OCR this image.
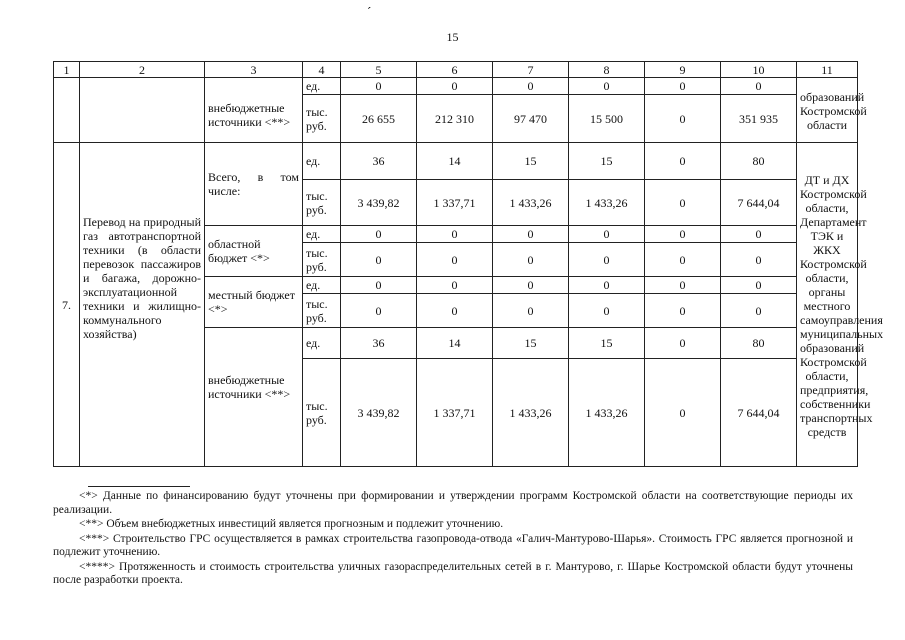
ˊ
15
1	2	3	4	5	6	7	8	9	10	11
		внебюджетные источники <**>	ед.	0	0	0	0	0	0	образований Костромской области
			тыс. руб.	26 655	212 310	97 470	15 500	0	351 935	
7.	Перевод на природный газ автотранспортной техники (в области перевозок пассажиров и багажа, дорожно-эксплуатационной техники и жилищно-коммунального хозяйства)	Всего, в том числе:	ед.	36	14	15	15	0	80	ДТ и ДХ Костромской области, Департамент ТЭК и ЖКХ Костромской области, органы местного самоуправления муниципальных образований Костромской области, предприятия, собственники транспортных средств
			тыс. руб.	3 439,82	1 337,71	1 433,26	1 433,26	0	7 644,04	
		областной бюджет <*>	ед.	0	0	0	0	0	0	
			тыс. руб.	0	0	0	0	0	0	
		местный бюджет <*>	ед.	0	0	0	0	0	0	
			тыс. руб.	0	0	0	0	0	0	
		внебюджетные источники <**>	ед.	36	14	15	15	0	80	
			тыс. руб.	3 439,82	1 337,71	1 433,26	1 433,26	0	7 644,04	

<*> Данные по финансированию будут уточнены при формировании и утверждении программ Костромской области на соответствующие периоды их реализации.

<**> Объем внебюджетных инвестиций является прогнозным и подлежит уточнению.

<***> Строительство ГРС осуществляется в рамках строительства газопровода-отвода «Галич-Мантурово-Шарья». Стоимость ГРС является прогнозной и подлежит уточнению.

<****> Протяженность и стоимость строительства уличных газораспределительных сетей в г. Мантурово, г. Шарье Костромской области будут уточнены после разработки проекта.
